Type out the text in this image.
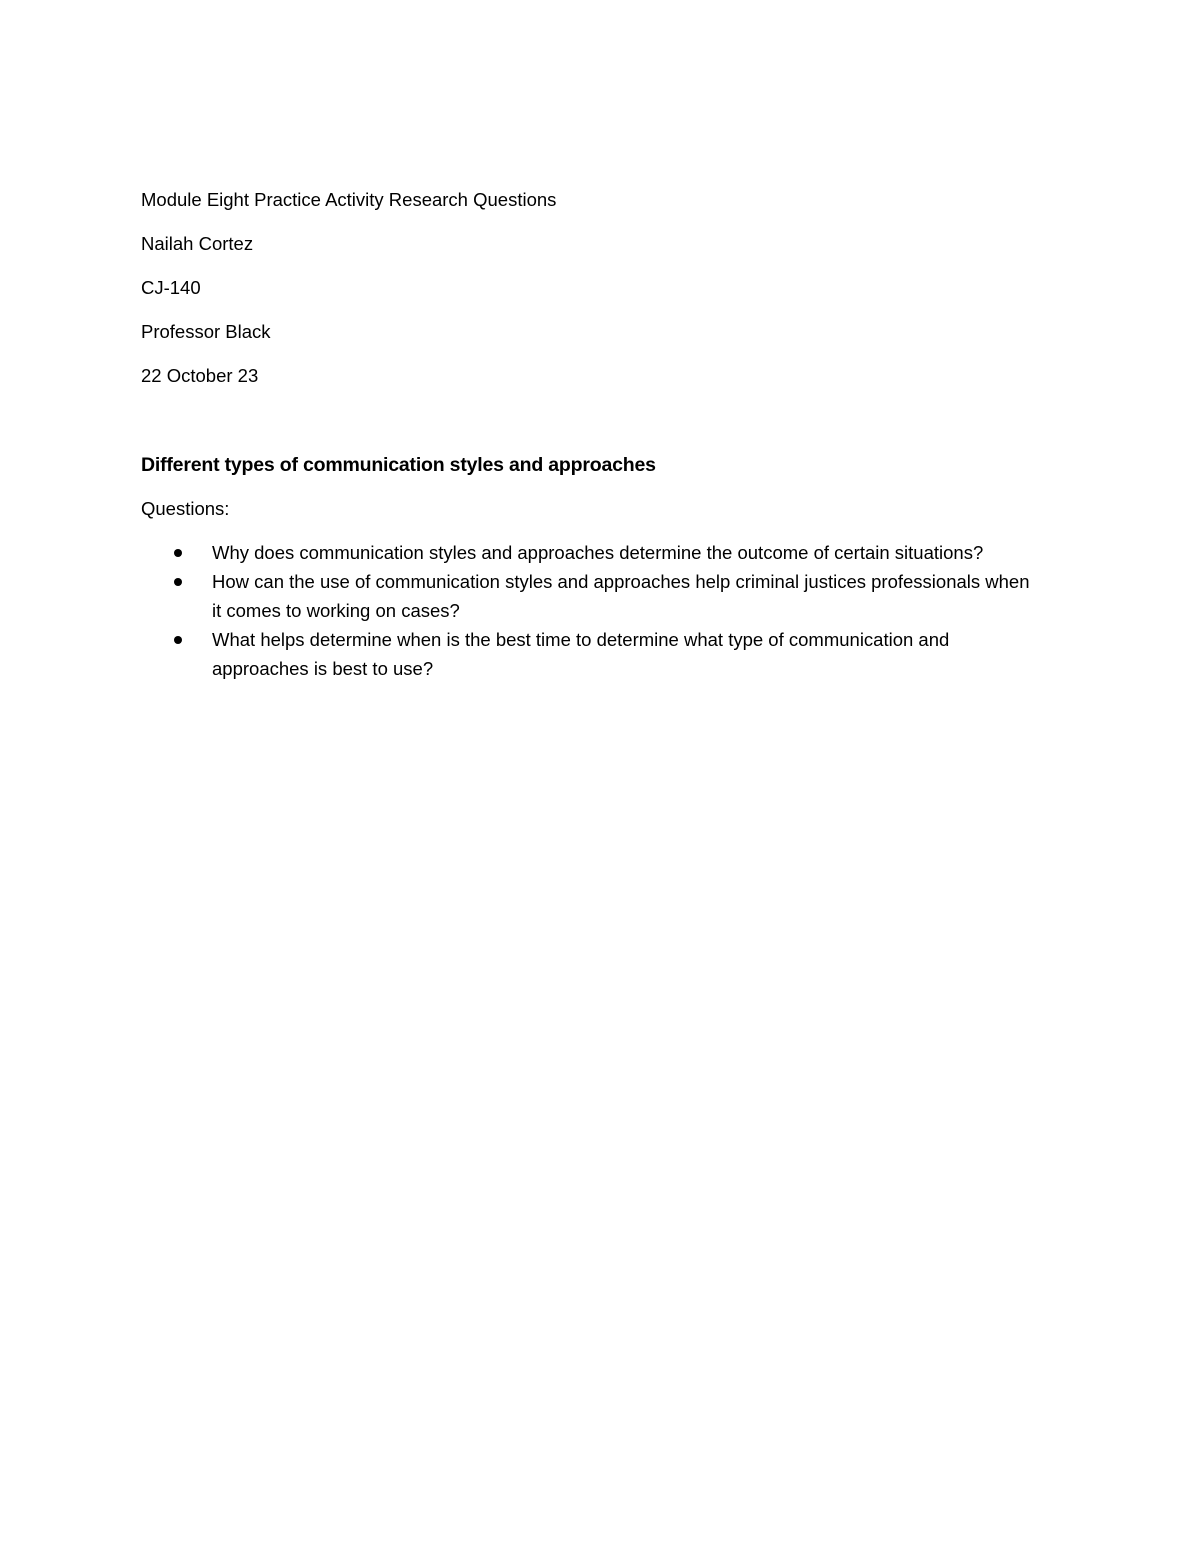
Module Eight Practice Activity Research Questions

Nailah Cortez

CJ-140

Professor Black

22 October 23

Different types of communication styles and approaches

Questions:

Why does communication styles and approaches determine the outcome of certain situations?
How can the use of communication styles and approaches help criminal justices professionals when it comes to working on cases?
What helps determine when is the best time to determine what type of communication and approaches is best to use?
